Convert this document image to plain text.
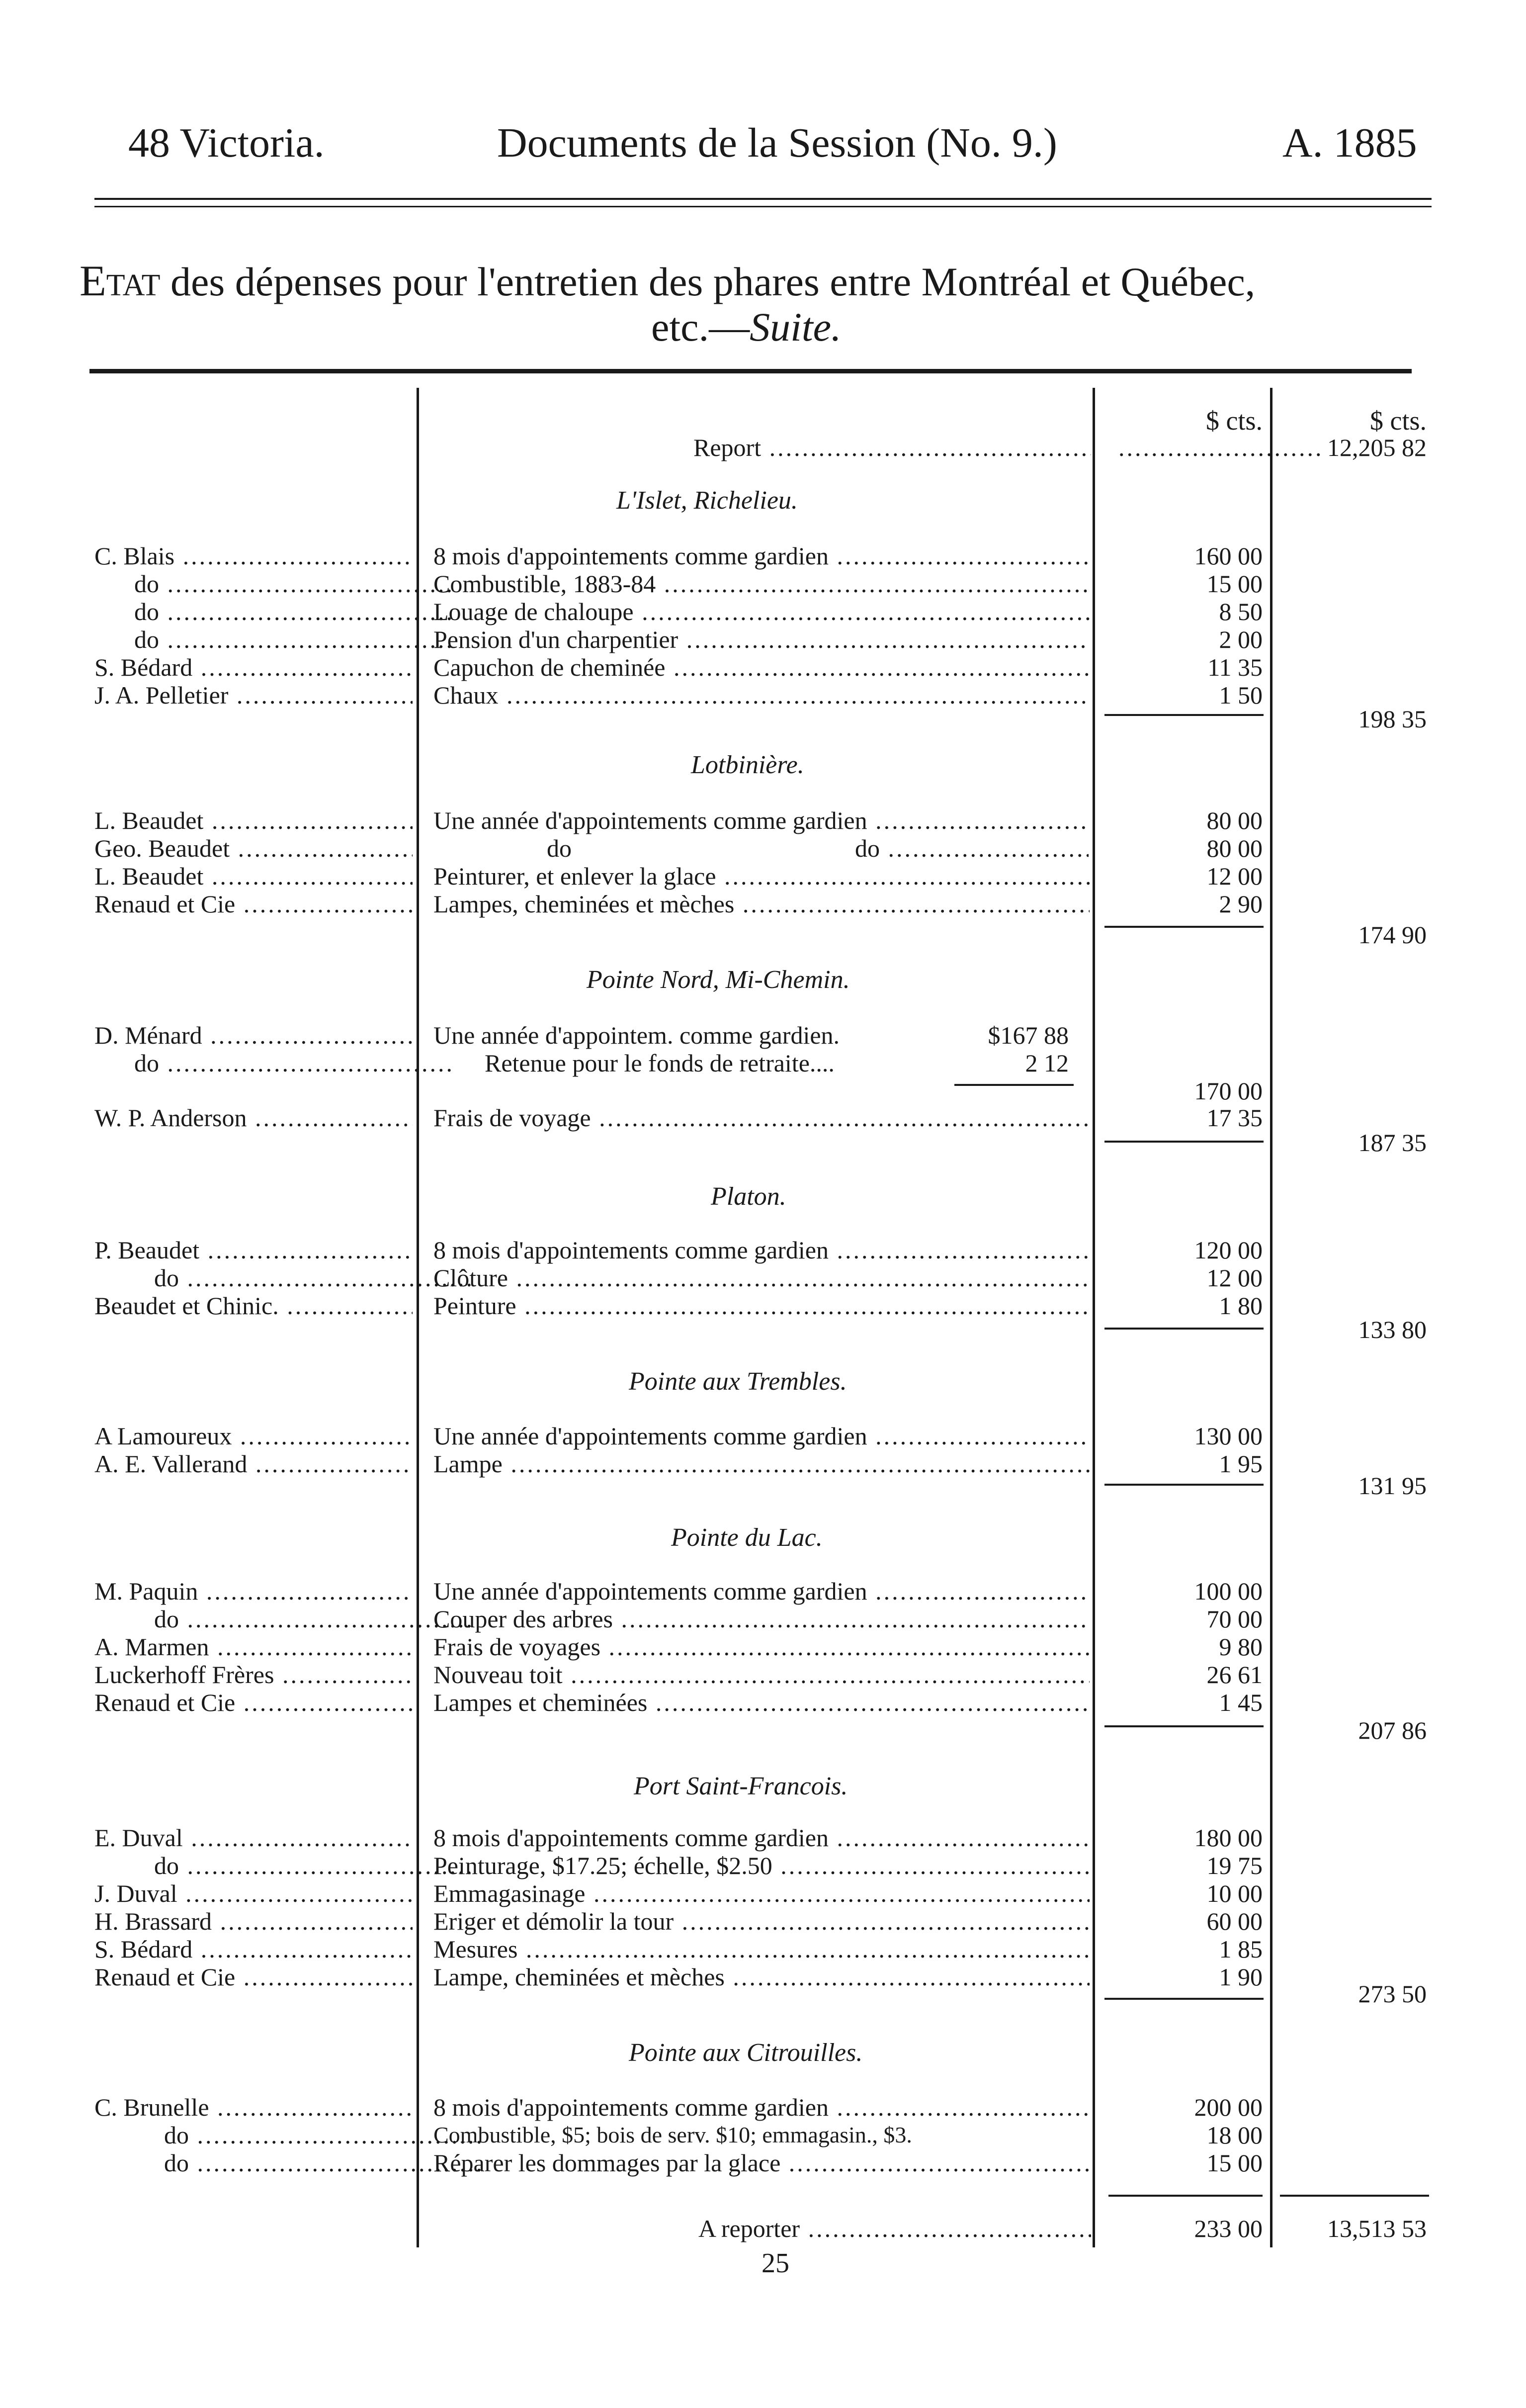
48 Victoria.	Documents de la Session (No. 9.)	A. 1885
Etat des dépenses pour l'entretien des phares entre Montréal et Québec,
etc.—Suite.
$ cts.	$ cts.
Report .....	......................... 12,205 82
L'Islet, Richelieu.
C. Blais .....	8 mois d'appointements comme gardien .....	160 00
do .....	Combustible, 1883-84 .....	15 00
do .....	Louage de chaloupe .....	8 50
do .....	Pension d'un charpentier .....	2 00
S. Bédard .....	Capuchon de cheminée .....	11 35
J. A. Pelletier .....	Chaux .....	1 50
198 35
Lotbinière.
L. Beaudet .....	Une année d'appointements comme gardien .....	80 00
Geo. Beaudet .....	do	do .....	80 00
L. Beaudet .....	Peinturer, et enlever la glace .....	12 00
Renaud et Cie .....	Lampes, cheminées et mèches .....	2 90
174 90
Pointe Nord, Mi-Chemin.
D. Ménard .....	Une année d'appointem. comme gardien.	$167 88
do .....	Retenue pour le fonds de retraite....	2 12
170 00
W. P. Anderson .....	Frais de voyage .....	17 35
187 35
Platon.
P. Beaudet .....	8 mois d'appointements comme gardien .....	120 00
do .....	Clôture .....	12 00
Beaudet et Chinic. .....	Peinture .....	1 80
133 80
Pointe aux Trembles.
A Lamoureux .....	Une année d'appointements comme gardien .....	130 00
A. E. Vallerand .....	Lampe .....	1 95
131 95
Pointe du Lac.
M. Paquin .....	Une année d'appointements comme gardien .....	100 00
do .....	Couper des arbres .....	70 00
A. Marmen .....	Frais de voyages .....	9 80
Luckerhoff Frères .....	Nouveau toit .....	26 61
Renaud et Cie .....	Lampes et cheminées .....	1 45
207 86
Port Saint-Francois.
E. Duval .....	8 mois d'appointements comme gardien .....	180 00
do .....	Peinturage, $17.25; échelle, $2.50 .....	19 75
J. Duval .....	Emmagasinage .....	10 00
H. Brassard .....	Eriger et démolir la tour .....	60 00
S. Bédard .....	Mesures .....	1 85
Renaud et Cie .....	Lampe, cheminées et mèches .....	1 90
273 50
Pointe aux Citrouilles.
C. Brunelle .....	8 mois d'appointements comme gardien .....	200 00
do .....	Combustible, $5; bois de serv. $10; emmagasin., $3.	18 00
do .....	Réparer les dommages par la glace .....	15 00
A reporter .....	233 00	13,513 53
25
